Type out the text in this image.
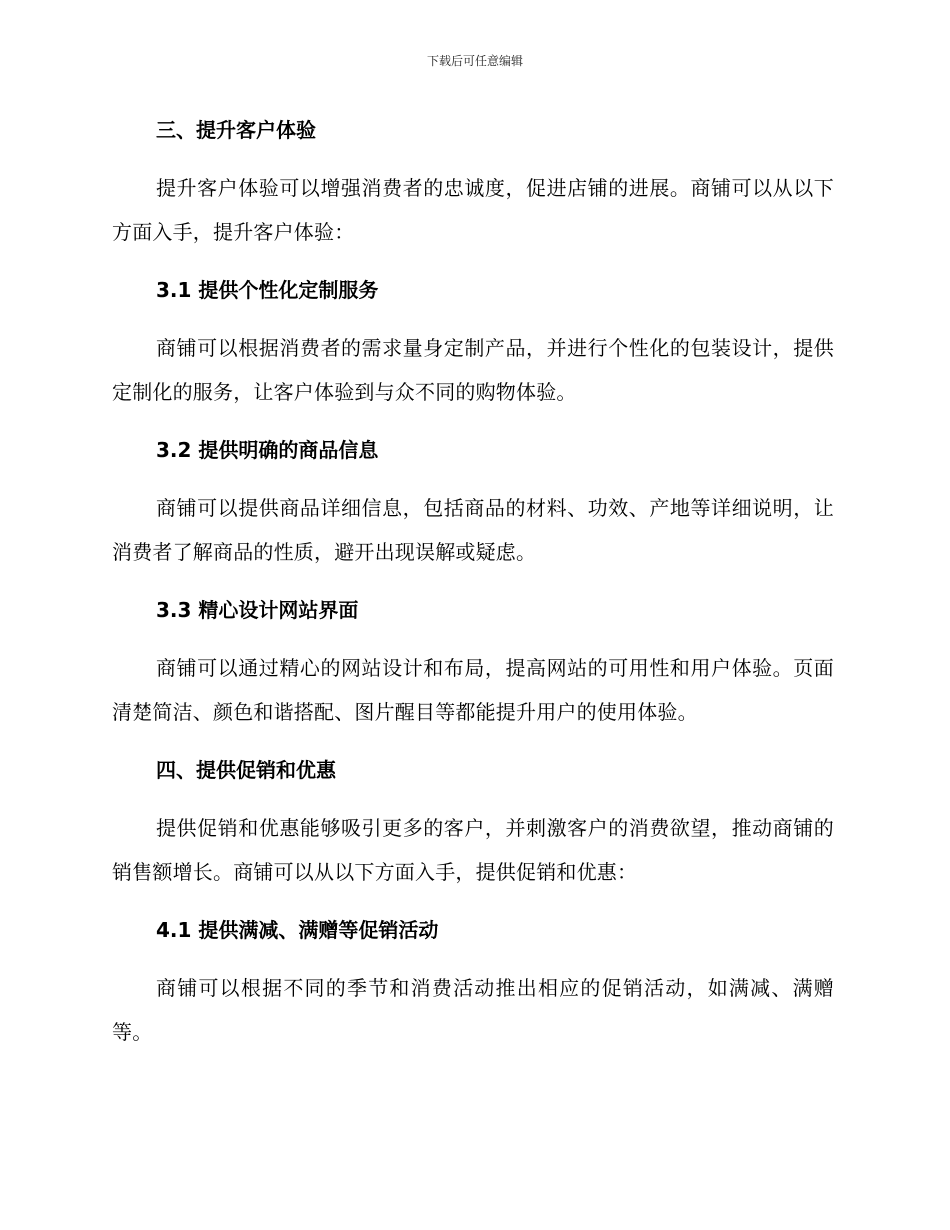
下载后可任意编辑
三、提升客户体验

提升客户体验可以增强消费者的忠诚度，促进店铺的进展。商铺可以从以下方面入手，提升客户体验：

3.1 提供个性化定制服务

商铺可以根据消费者的需求量身定制产品，并进行个性化的包装设计，提供定制化的服务，让客户体验到与众不同的购物体验。

3.2 提供明确的商品信息

商铺可以提供商品详细信息，包括商品的材料、功效、产地等详细说明，让消费者了解商品的性质，避开出现误解或疑虑。

3.3 精心设计网站界面

商铺可以通过精心的网站设计和布局，提高网站的可用性和用户体验。页面清楚简洁、颜色和谐搭配、图片醒目等都能提升用户的使用体验。

四、提供促销和优惠

提供促销和优惠能够吸引更多的客户，并刺激客户的消费欲望，推动商铺的销售额增长。商铺可以从以下方面入手，提供促销和优惠：

4.1 提供满减、满赠等促销活动

商铺可以根据不同的季节和消费活动推出相应的促销活动，如满减、满赠等。
